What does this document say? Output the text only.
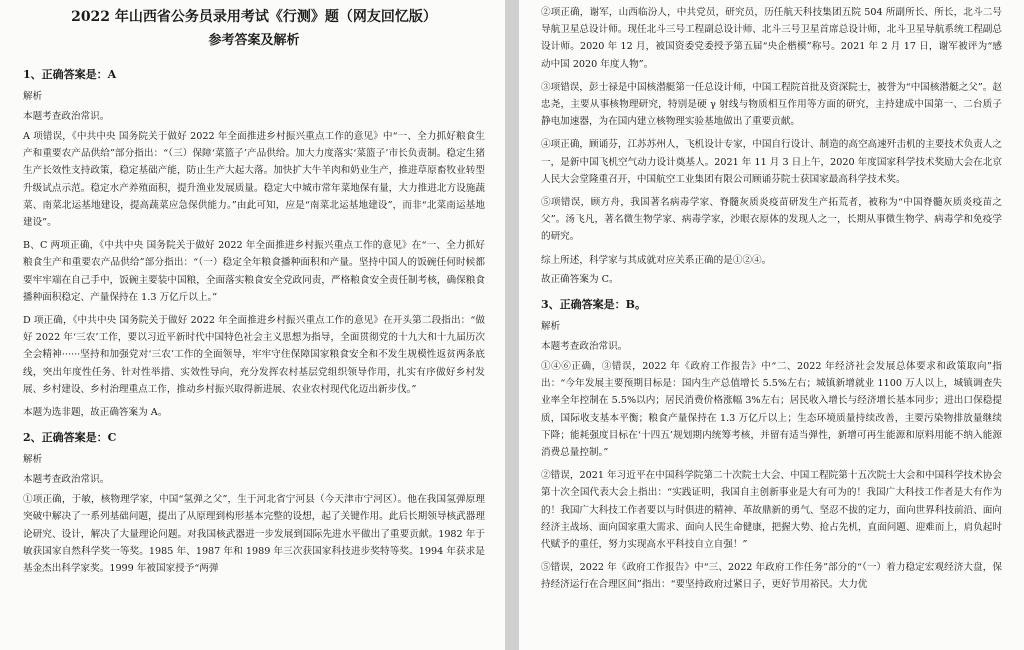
2022 年山西省公务员录用考试《行测》题（网友回忆版）

参考答案及解析

1、正确答案是：A

解析

本题考查政治常识。

A 项错误，《中共中央 国务院关于做好 2022 年全面推进乡村振兴重点工作的意见》中“一、全力抓好粮食生产和重要农产品供给”部分指出：“（三）保障‘菜篮子’产品供给。加大力度落实‘菜篮子’市长负责制。稳定生猪生产长效性支持政策，稳定基础产能，防止生产大起大落。加快扩大牛羊肉和奶业生产，推进草原畜牧业转型升级试点示范。稳定水产养殖面积，提升渔业发展质量。稳定大中城市常年菜地保有量，大力推进北方设施蔬菜、南菜北运基地建设，提高蔬菜应急保供能力。”由此可知，应是“南菜北运基地建设”，而非“北菜南运基地建设”。

B、C 两项正确，《中共中央 国务院关于做好 2022 年全面推进乡村振兴重点工作的意见》在“一、全力抓好粮食生产和重要农产品供给”部分指出：“（一）稳定全年粮食播种面积和产量。坚持中国人的饭碗任何时候都要牢牢端在自己手中，饭碗主要装中国粮，全面落实粮食安全党政同责，严格粮食安全责任制考核，确保粮食播种面积稳定、产量保持在 1.3 万亿斤以上。”

D 项正确，《中共中央 国务院关于做好 2022 年全面推进乡村振兴重点工作的意见》在开头第二段指出：“做好 2022 年‘三农’工作，要以习近平新时代中国特色社会主义思想为指导，全面贯彻党的十九大和十九届历次全会精神······坚持和加强党对‘三农’工作的全面领导，牢牢守住保障国家粮食安全和不发生规模性返贫两条底线，突出年度性任务、针对性举措、实效性导向，充分发挥农村基层党组织领导作用，扎实有序做好乡村发展、乡村建设、乡村治理重点工作，推动乡村振兴取得新进展、农业农村现代化迈出新步伐。”

本题为选非题，故正确答案为 A。

2、正确答案是：C

解析

本题考查政治常识。

①项正确，于敏，核物理学家，中国“氢弹之父”，生于河北省宁河县（今天津市宁河区）。他在我国氢弹原理突破中解决了一系列基础问题，提出了从原理到构形基本完整的设想，起了关键作用。此后长期领导核武器理论研究、设计，解决了大量理论问题。对我国核武器进一步发展到国际先进水平做出了重要贡献。1982 年于敏获国家自然科学奖一等奖。1985 年、1987 年和 1989 年三次获国家科技进步奖特等奖。1994 年获求是基金杰出科学家奖。1999 年被国家授予“两弹

②项正确，谢军，山西临汾人，中共党员，研究员，历任航天科技集团五院 504 所副所长、所长，北斗二号导航卫星总设计师。现任北斗三号工程副总设计师、北斗三号卫星首席总设计师，北斗卫星导航系统工程副总设计师。2020 年 12 月，被国资委党委授予第五届“央企楷模”称号。2021 年 2 月 17 日，谢军被评为“感动中国 2020 年度人物”。

③项错误，彭士禄是中国核潜艇第一任总设计师，中国工程院首批及资深院士，被誉为“中国核潜艇之父”。赵忠尧，主要从事核物理研究，特别是硬 γ 射线与物质相互作用等方面的研究，主持建成中国第一、二台质子静电加速器，为在国内建立核物理实验基地做出了重要贡献。

④项正确，顾诵芬，江苏苏州人，飞机设计专家，中国自行设计、制造的高空高速歼击机的主要技术负责人之一，是新中国飞机空气动力设计奠基人。2021 年 11 月 3 日上午，2020 年度国家科学技术奖励大会在北京人民大会堂隆重召开，中国航空工业集团有限公司顾诵芬院士获国家最高科学技术奖。

⑤项错误，顾方舟，我国著名病毒学家、脊髓灰质炎疫苗研发生产拓荒者，被称为“中国脊髓灰质炎疫苗之父”。汤飞凡，著名微生物学家、病毒学家，沙眼衣原体的发现人之一，长期从事微生物学、病毒学和免疫学的研究。

综上所述，科学家与其成就对应关系正确的是①②④。

故正确答案为 C。

3、正确答案是：B。

解析

本题考查政治常识。

①④⑥正确，③错误，2022 年《政府工作报告》中“二、2022 年经济社会发展总体要求和政策取向”指出：“今年发展主要预期目标是：国内生产总值增长 5.5%左右；城镇新增就业 1100 万人以上，城镇调查失业率全年控制在 5.5%以内；居民消费价格涨幅 3%左右；居民收入增长与经济增长基本同步；进出口保稳提质，国际收支基本平衡；粮食产量保持在 1.3 万亿斤以上；生态环境质量持续改善，主要污染物排放量继续下降；能耗强度目标在‘十四五’规划期内统筹考核，并留有适当弹性，新增可再生能源和原料用能不纳入能源消费总量控制。”

②错误，2021 年习近平在中国科学院第二十次院士大会、中国工程院第十五次院士大会和中国科学技术协会第十次全国代表大会上指出：“实践证明，我国自主创新事业是大有可为的！我国广大科技工作者是大有作为的！我国广大科技工作者要以与时俱进的精神、革故鼎新的勇气、坚忍不拔的定力，面向世界科技前沿、面向经济主战场、面向国家重大需求、面向人民生命健康，把握大势、抢占先机，直面问题、迎难而上，肩负起时代赋予的重任，努力实现高水平科技自立自强！”

⑤错误，2022 年《政府工作报告》中“三、2022 年政府工作任务”部分的“（一）着力稳定宏观经济大盘，保持经济运行在合理区间”指出：“要坚持政府过紧日子，更好节用裕民。大力优
